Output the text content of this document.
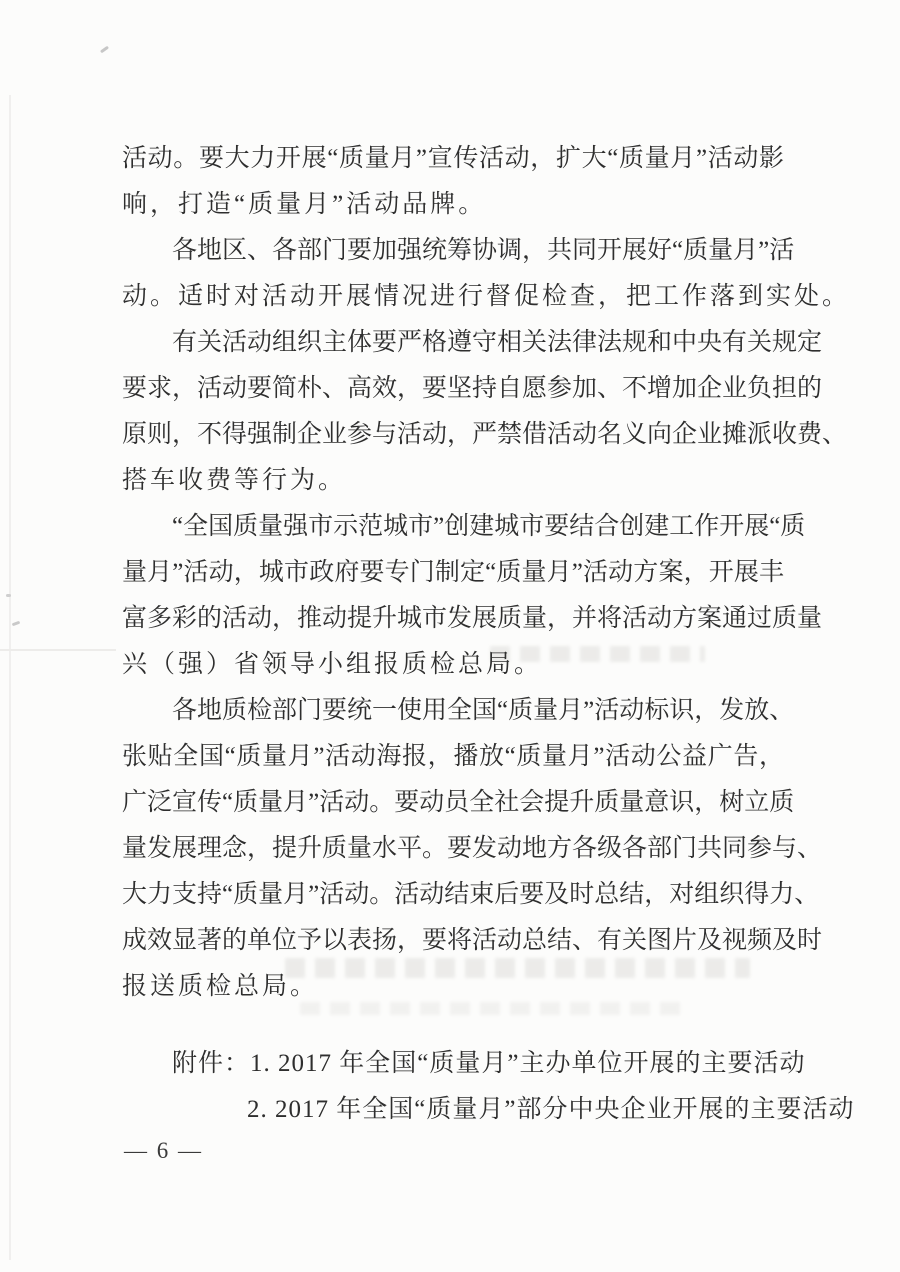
活动。要大力开展“质量月”宣传活动，扩大“质量月”活动影
响，打造“质量月”活动品牌。
各地区、各部门要加强统筹协调，共同开展好“质量月”活
动。适时对活动开展情况进行督促检查，把工作落到实处。
有关活动组织主体要严格遵守相关法律法规和中央有关规定
要求，活动要简朴、高效，要坚持自愿参加、不增加企业负担的
原则，不得强制企业参与活动，严禁借活动名义向企业摊派收费、
搭车收费等行为。
“全国质量强市示范城市”创建城市要结合创建工作开展“质
量月”活动，城市政府要专门制定“质量月”活动方案，开展丰
富多彩的活动，推动提升城市发展质量，并将活动方案通过质量
兴（强）省领导小组报质检总局。
各地质检部门要统一使用全国“质量月”活动标识，发放、
张贴全国“质量月”活动海报，播放“质量月”活动公益广告，
广泛宣传“质量月”活动。要动员全社会提升质量意识，树立质
量发展理念，提升质量水平。要发动地方各级各部门共同参与、
大力支持“质量月”活动。活动结束后要及时总结，对组织得力、
成效显著的单位予以表扬，要将活动总结、有关图片及视频及时
报送质检总局。
附件：1. 2017 年全国“质量月”主办单位开展的主要活动
2. 2017 年全国“质量月”部分中央企业开展的主要活动
— 6 —
